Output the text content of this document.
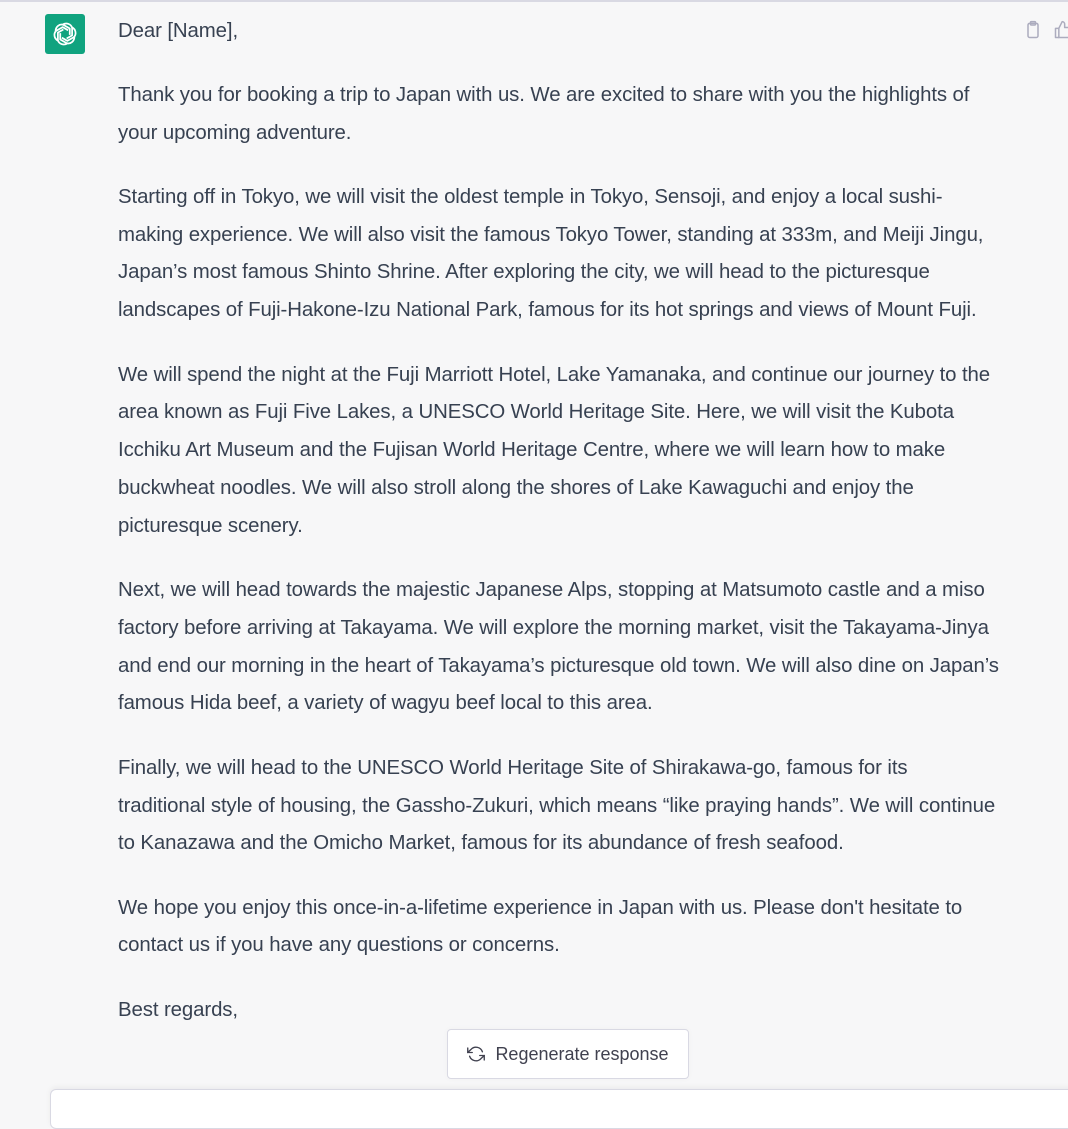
Dear [Name],

Thank you for booking a trip to Japan with us. We are excited to share with you the highlights of your upcoming adventure.

Starting off in Tokyo, we will visit the oldest temple in Tokyo, Sensoji, and enjoy a local sushi-making experience. We will also visit the famous Tokyo Tower, standing at 333m, and Meiji Jingu, Japan’s most famous Shinto Shrine. After exploring the city, we will head to the picturesque landscapes of Fuji-Hakone-Izu National Park, famous for its hot springs and views of Mount Fuji.

We will spend the night at the Fuji Marriott Hotel, Lake Yamanaka, and continue our journey to the area known as Fuji Five Lakes, a UNESCO World Heritage Site. Here, we will visit the Kubota Icchiku Art Museum and the Fujisan World Heritage Centre, where we will learn how to make buckwheat noodles. We will also stroll along the shores of Lake Kawaguchi and enjoy the picturesque scenery.

Next, we will head towards the majestic Japanese Alps, stopping at Matsumoto castle and a miso factory before arriving at Takayama. We will explore the morning market, visit the Takayama-Jinya and end our morning in the heart of Takayama’s picturesque old town. We will also dine on Japan’s famous Hida beef, a variety of wagyu beef local to this area.

Finally, we will head to the UNESCO World Heritage Site of Shirakawa-go, famous for its traditional style of housing, the Gassho-Zukuri, which means “like praying hands”. We will continue to Kanazawa and the Omicho Market, famous for its abundance of fresh seafood.

We hope you enjoy this once-in-a-lifetime experience in Japan with us. Please don't hesitate to contact us if you have any questions or concerns.

Best regards,

Regenerate response
